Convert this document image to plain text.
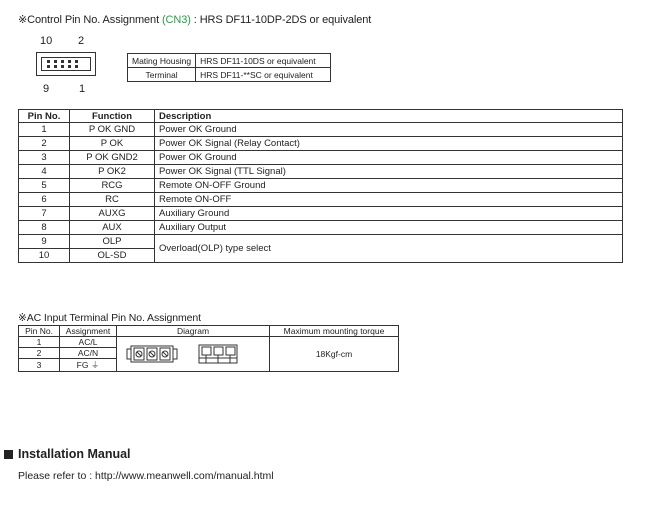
※Control Pin No. Assignment (CN3) : HRS DF11-10DP-2DS or equivalent
10 2
9	1
Mating Housing	HRS DF11-10DS or equivalent
Terminal	HRS DF11-**SC or equivalent
Pin No.	Function	Description
1	P OK GND	Power OK Ground
2	P OK	Power OK Signal (Relay Contact)
3	P OK GND2	Power OK Ground
4	P OK2	Power OK Signal (TTL Signal)
5	RCG	Remote ON-OFF Ground
6	RC	Remote ON-OFF
7	AUXG	Auxiliary Ground
8	AUX	Auxiliary Output
9	OLP	Overload(OLP) type select
10	OL-SD	
※AC Input Terminal Pin No. Assignment
Pin No.	Assignment	Diagram	Maximum mounting torque
1	AC/L		18Kgf-cm
2	AC/N		
3	FG ⏚		
Installation Manual
Please refer to : http://www.meanwell.com/manual.html
